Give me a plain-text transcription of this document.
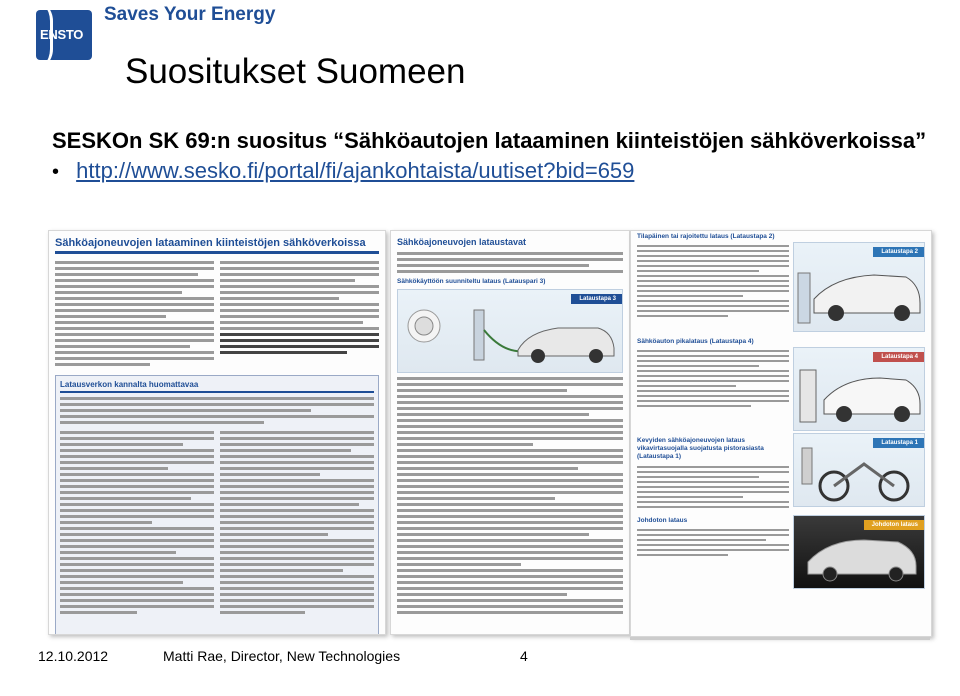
ENSTO
Saves Your Energy
Suositukset Suomeen
SESKOn SK 69:n suositus “Sähköautojen lataaminen kiinteistöjen sähköverkoissa”
• http://www.sesko.fi/portal/fi/ajankohtaista/uutiset?bid=659
Sähköajoneuvojen lataaminen kiinteistöjen sähköverkoissa
Latausverkon kannalta huomattavaa
Sähköajoneuvojen lataustavat
Sähkökäyttöön suunniteltu lataus (Latauspari 3)
Lataustapa 3
Tilapäinen tai rajoitettu lataus (Lataustapa 2)
Lataustapa 2
Sähköauton pikalataus (Lataustapa 4)
Lataustapa 4
Kevyiden sähköajoneuvojen lataus vikavirtasuojalla suojatusta pistorasiasta (Lataustapa 1)
Lataustapa 1
Johdoton lataus
Johdoton lataus
12.10.2012	Matti Rae, Director, New Technologies	4
